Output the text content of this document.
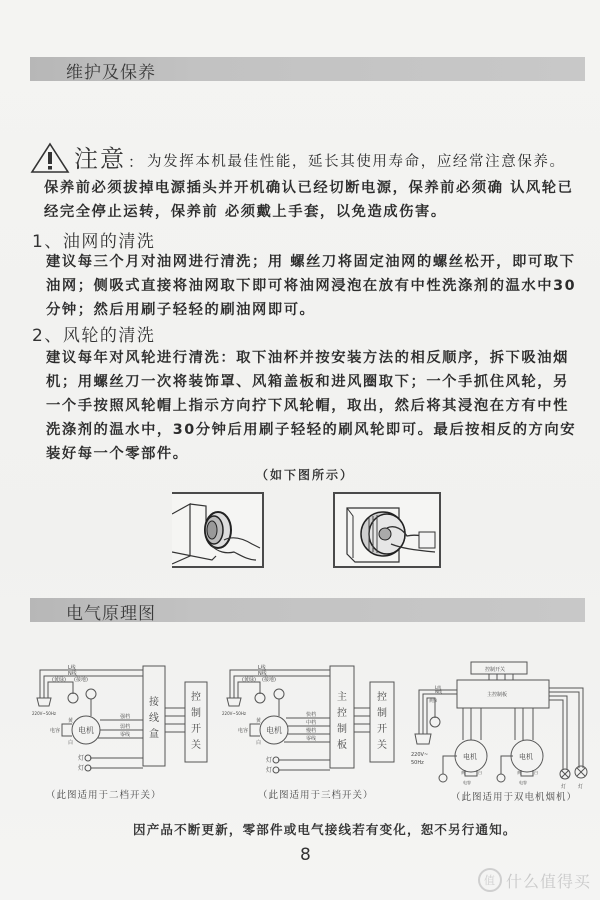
维护及保养
注意 ： 为发挥本机最佳性能，延长其使用寿命，应经常注意保养。
保养前必须拔掉电源插头并开机确认已经切断电源，保养前必须确 认风轮已经完全停止运转，保养前 必须戴上手套，以免造成伤害。
1、油网的清洗
建议每三个月对油网进行清洗；用 螺丝刀将固定油网的螺丝松开，即可取下油网；侧吸式直接将油网取下即可将油网浸泡在放有中性洗涤剂的温水中30分钟；然后用刷子轻轻的刷油网即可。
2、风轮的清洗
建议每年对风轮进行清洗：取下油杯并按安装方法的相反顺序，拆下吸油烟机；用螺丝刀一次将装饰罩、风箱盖板和进风圈取下；一个手抓住风轮，另一个手按照风轮帽上指示方向拧下风轮帽，取出，然后将其浸泡在方有中性洗涤剂的温水中，30分钟后用刷子轻轻的刷风轮即可。最后按相反的方向安装好每一个零部件。
（如下图所示）
电气原理图
L线
N线
(黄绿) (接地)
220V~50Hz
电机
电容
黄
白
强档
弱档
零线
灯
灯
接
线
盒
控
制
开
关
（此图适用于二档开关）
L线
N线
(黄绿) (接地)
220V~50Hz
电机
电容
黄
白
快档
中档
慢档
零线
灯
灯
主
控
制
板
控
制
开
关
（此图适用于三档开关）
控制开关
主控制板
L线
N线
黄绿
220V~
50Hz
电机	电机
电容	电容
黄	白	黄	白
灯 灯
（此图适用于双电机烟机）
因产品不断更新，零部件或电气接线若有变化，恕不另行通知。
8
值 什么值得买
